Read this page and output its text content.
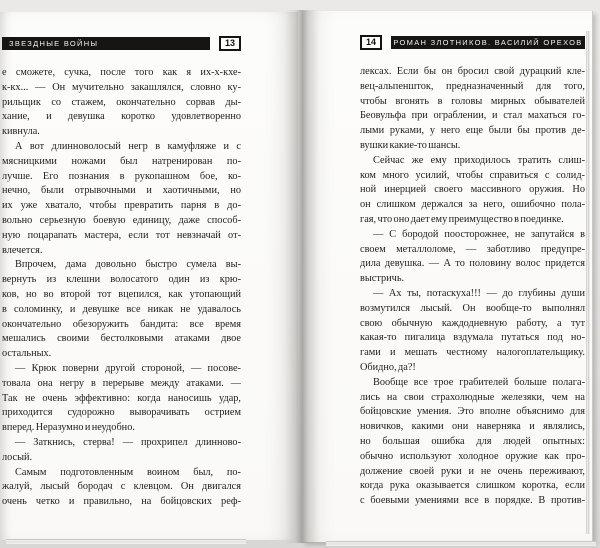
ЗВЕЗДНЫЕ ВОЙНЫ	13
е сможете, сучка, после того как я их-х-кхе-
к-кх... — Он мучительно закашлялся, словно ку-
рильщик со стажем, окончательно сорвав ды-
хание, и девушка коротко удовлетворенно
кивнула.
А вот длинноволосый негр в камуфляже и с
мясницкими ножами был натренирован по-
лучше. Его познания в рукопашном бое, ко-
нечно, были отрывочными и хаотичными, но
их уже хватало, чтобы превратить парня в до-
вольно серьезную боевую единицу, даже способ-
ную поцарапать мастера, если тот невзначай от-
влечется.
Впрочем, дама довольно быстро сумела вы-
вернуть из клешни волосатого один из крю-
ков, но во второй тот вцепился, как утопающий
в соломинку, и девушке все никак не удавалось
окончательно обезоружить бандита: все время
мешались своими бестолковыми атаками двое
остальных.
— Крюк поверни другой стороной, — посове-
товала она негру в перерыве между атаками. —
Так не очень эффективно: когда наносишь удар,
приходится судорожно выворачивать острием
вперед. Неразумно и неудобно.
— Заткнись, стерва! — прохрипел длинново-
лосый.
Самым подготовленным воином был, по-
жалуй, лысый бородач с клевцом. Он двигался
очень четко и правильно, на бойцовских реф-
14	РОМАН ЗЛОТНИКОВ. ВАСИЛИЙ ОРЕХОВ
лексах. Если бы он бросил свой дурацкий кле-
вец-альпеншток, предназначенный для того,
чтобы вгонять в головы мирных обывателей
Беовульфа при ограблении, и стал махаться го-
лыми руками, у него еще были бы против де-
вушки какие-то шансы.
Сейчас же ему приходилось тратить слиш-
ком много усилий, чтобы справиться с солид-
ной инерцией своего массивного оружия. Но
он слишком держался за него, ошибочно пола-
гая, что оно дает ему преимущество в поединке.
— С бородой поосторожнее, не запутайся в
своем металлоломе, — заботливо предупре-
дила девушка. — А то половину волос придется
выстричь.
— Ах ты, потаскуха!!! — до глубины души
возмутился лысый. Он вообще-то выполнял
свою обычную каждодневную работу, а тут
какая-то пигалица вздумала путаться под но-
гами и мешать честному налогоплательщику.
Обидно, да?!
Вообще все трое грабителей больше полага-
лись на свои страхолюдные железяки, чем на
бойцовские умения. Это вполне объяснимо для
новичков, какими они наверняка и являлись,
но большая ошибка для людей опытных:
обычно используют холодное оружие как про-
должение своей руки и не очень переживают,
когда рука оказывается слишком коротка, если
с боевыми умениями все в порядке. В против-
